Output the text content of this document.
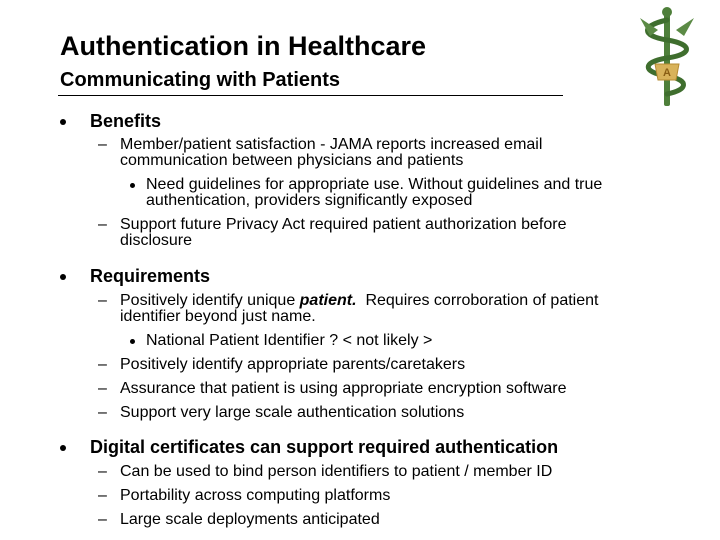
Authentication in Healthcare
Communicating with Patients	A
Benefits
– Member/patient satisfaction - JAMA reports increased email
communication between physicians and patients
Need guidelines for appropriate use. Without guidelines and true
authentication, providers significantly exposed
– Support future Privacy Act required patient authorization before
disclosure
Requirements
– Positively identify unique patient.  Requires corroboration of patient
identifier beyond just name.
National Patient Identifier ? < not likely >
– Positively identify appropriate parents/caretakers
– Assurance that patient is using appropriate encryption software
– Support very large scale authentication solutions
Digital certificates can support required authentication
– Can be used to bind person identifiers to patient / member ID
– Portability across computing platforms
– Large scale deployments anticipated
